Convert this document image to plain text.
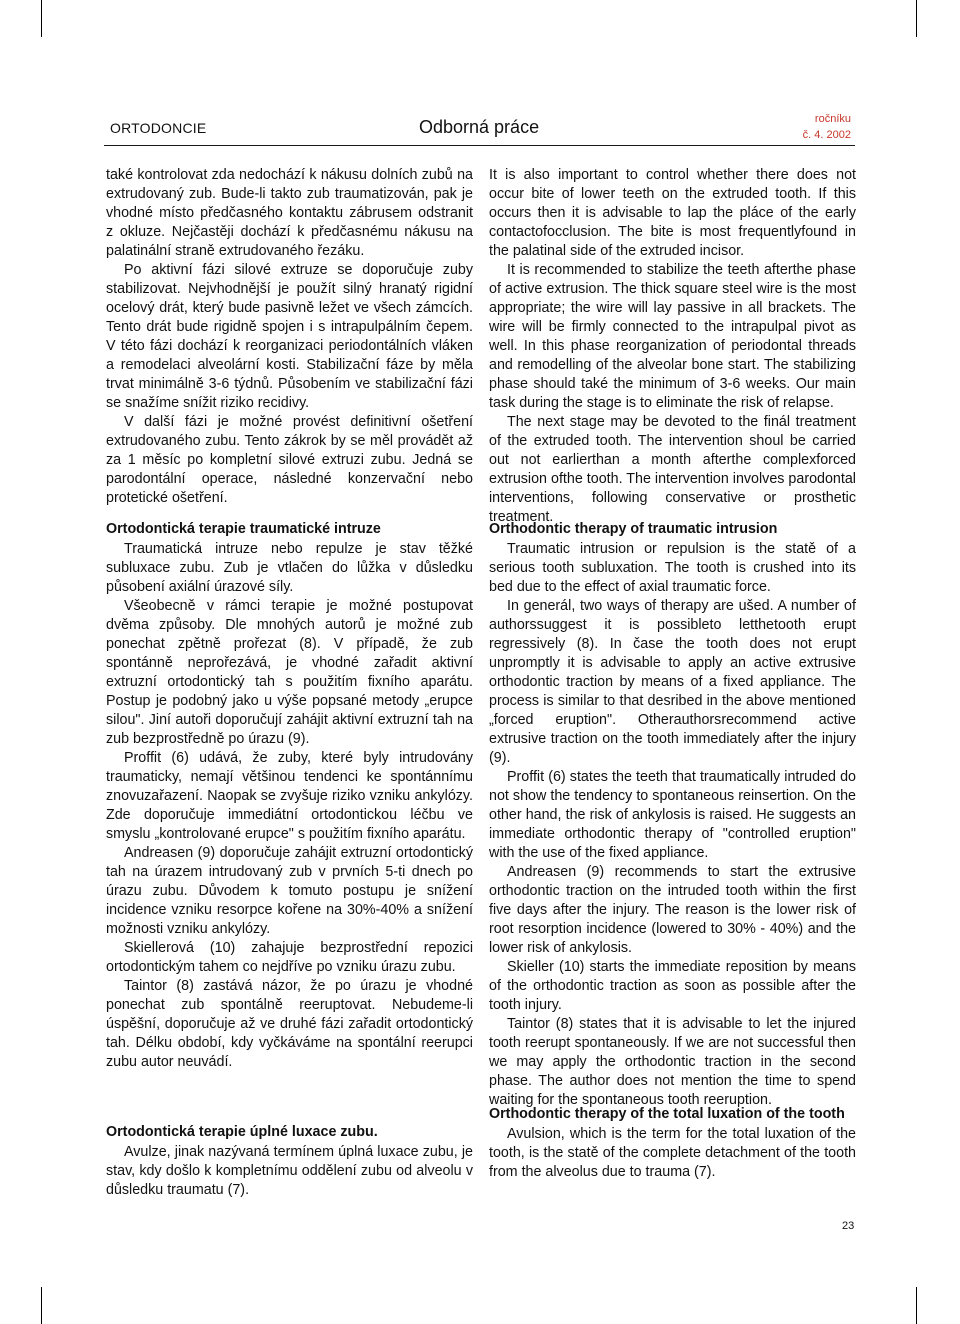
ORTODONCIE	Odborná práce	ročníku
č. 4. 2002

také kontrolovat zda nedochází k nákusu dolních zubů na extrudovaný zub. Bude-li takto zub traumatizován, pak je vhodné místo předčasného kontaktu zábrusem odstranit z okluze. Nejčastěji dochází k předčasnému nákusu na palatinální straně extrudovaného řezáku.

Po aktivní fázi silové extruze se doporučuje zuby stabilizovat. Nejvhodnější je použít silný hranatý rigidní ocelový drát, který bude pasivně ležet ve všech zámcích. Tento drát bude rigidně spojen i s intrapulpálním čepem. V této fázi dochází k reorganizaci periodontálních vláken a remodelaci alveolární kosti. Stabilizační fáze by měla trvat minimálně 3-6 týdnů. Působením ve stabilizační fázi se snažíme snížit riziko recidivy.

V další fázi je možné provést definitivní ošetření extrudovaného zubu. Tento zákrok by se měl provádět až za 1 měsíc po kompletní silové extruzi zubu. Jedná se parodontální operace, následné konzervační nebo protetické ošetření.

Ortodontická terapie traumatické intruze

Traumatická intruze nebo repulze je stav těžké subluxace zubu. Zub je vtlačen do lůžka v důsledku působení axiální úrazové síly.

Všeobecně v rámci terapie je možné postupovat dvěma způsoby. Dle mnohých autorů je možné zub ponechat zpětně prořezat (8). V případě, že zub spontánně neprořezává, je vhodné zařadit aktivní extruzní ortodontický tah s použitím fixního aparátu. Postup je podobný jako u výše popsané metody „erupce silou". Jiní autoři doporučují zahájit aktivní extruzní tah na zub bezprostředně po úrazu (9).

Proffit (6) udává, že zuby, které byly intrudovány traumaticky, nemají většinou tendenci ke spontánnímu znovuzařazení. Naopak se zvyšuje riziko vzniku ankylózy. Zde doporučuje immediátní ortodontickou léčbu ve smyslu „kontrolované erupce" s použitím fixního aparátu.

Andreasen (9) doporučuje zahájit extruzní ortodontický tah na úrazem intrudovaný zub v prvních 5-ti dnech po úrazu zubu. Důvodem k tomuto postupu je snížení incidence vzniku resorpce kořene na 30%-40% a snížení možnosti vzniku ankylózy.

Skiellerová (10) zahajuje bezprostřední repozici ortodontickým tahem co nejdříve po vzniku úrazu zubu.

Taintor (8) zastává názor, že po úrazu je vhodné ponechat zub spontálně reeruptovat. Nebudeme-li úspěšní, doporučuje až ve druhé fázi zařadit ortodontický tah. Délku období, kdy vyčkáváme na spontální reerupci zubu autor neuvádí.

Ortodontická terapie úplné luxace zubu.

Avulze, jinak nazývaná termínem úplná luxace zubu, je stav, kdy došlo k kompletnímu oddělení zubu od alveolu v důsledku traumatu (7).

It is also important to control whether there does not occur bite of lower teeth on the extruded tooth. If this occurs then it is advisable to lap the pláce of the early contactofocclusion. The bite is most frequentlyfound in the palatinal side of the extruded incisor.

It is recommended to stabilize the teeth afterthe phase of active extrusion. The thick square steel wire is the most appropriate; the wire will lay passive in all brackets. The wire will be firmly connected to the intrapulpal pivot as well. In this phase reorganization of periodontal threads and remodelling of the alveolar bone start. The stabilizing phase should také the minimum of 3-6 weeks. Our main task during the stage is to eliminate the risk of relapse.

The next stage may be devoted to the finál treatment of the extruded tooth. The intervention shoul be carried out not earlierthan a month afterthe complexforced extrusion ofthe tooth. The intervention involves parodontal interventions, following conservative or prosthetic treatment.

Orthodontic therapy of traumatic intrusion

Traumatic intrusion or repulsion is the statě of a serious tooth subluxation. The tooth is crushed into its bed due to the effect of axial traumatic force.

In generál, two ways of therapy are ušed. A number of authorssuggest it is possibleto letthetooth erupt regressively (8). In čase the tooth does not erupt unpromptly it is advisable to apply an active extrusive orthodontic traction by means of a fixed appliance. The process is similar to that desribed in the above mentioned „forced eruption". Otherauthorsrecommend active extrusive traction on the tooth immediately after the injury (9).

Proffit (6) states the teeth that traumatically intruded do not show the tendency to spontaneous reinsertion. On the other hand, the risk of ankylosis is raised. He suggests an immediate orthodontic therapy of "controlled eruption" with the use of the fixed appliance.

Andreasen (9) recommends to start the extrusive orthodontic traction on the intruded tooth within the first five days after the injury. The reason is the lower risk of root resorption incidence (lowered to 30% - 40%) and the lower risk of ankylosis.

Skieller (10) starts the immediate reposition by means of the orthodontic traction as soon as possible after the tooth injury.

Taintor (8) states that it is advisable to let the injured tooth reerupt spontaneously. If we are not successful then we may apply the orthodontic traction in the second phase. The author does not mention the time to spend waiting for the spontaneous tooth reeruption.

Orthodontic therapy of the total luxation of the tooth

Avulsion, which is the term for the total luxation of the tooth, is the statě of the complete detachment of the tooth from the alveolus due to trauma (7).

23
